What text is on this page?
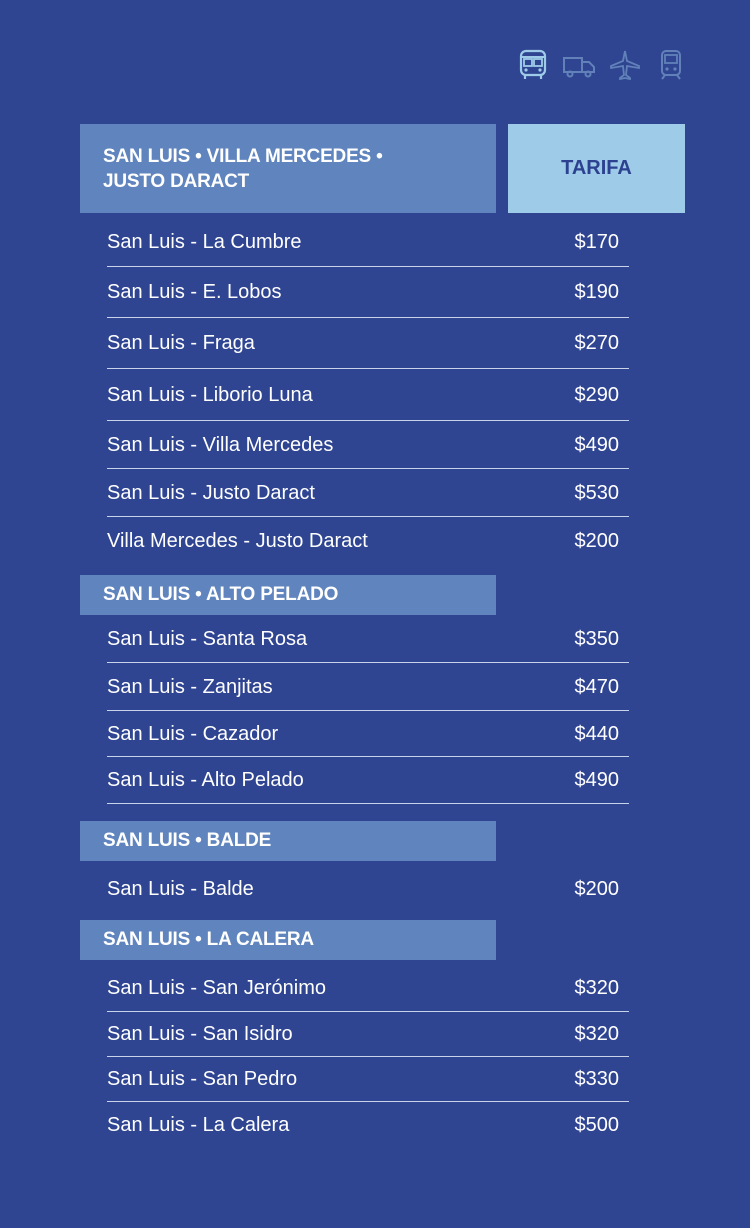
SAN LUIS • VILLA MERCEDES • JUSTO DARACT
TARIFA
San Luis - La Cumbre	$170
San Luis - E. Lobos	$190
San Luis - Fraga	$270
San Luis - Liborio Luna	$290
San Luis - Villa Mercedes	$490
San Luis - Justo Daract	$530
Villa Mercedes - Justo Daract	$200
SAN LUIS • ALTO PELADO
San Luis - Santa Rosa	$350
San Luis - Zanjitas	$470
San Luis - Cazador	$440
San Luis - Alto Pelado	$490
SAN LUIS • BALDE
San Luis - Balde	$200
SAN LUIS • LA CALERA
San Luis - San Jerónimo	$320
San Luis - San Isidro	$320
San Luis - San Pedro	$330
San Luis - La Calera	$500
